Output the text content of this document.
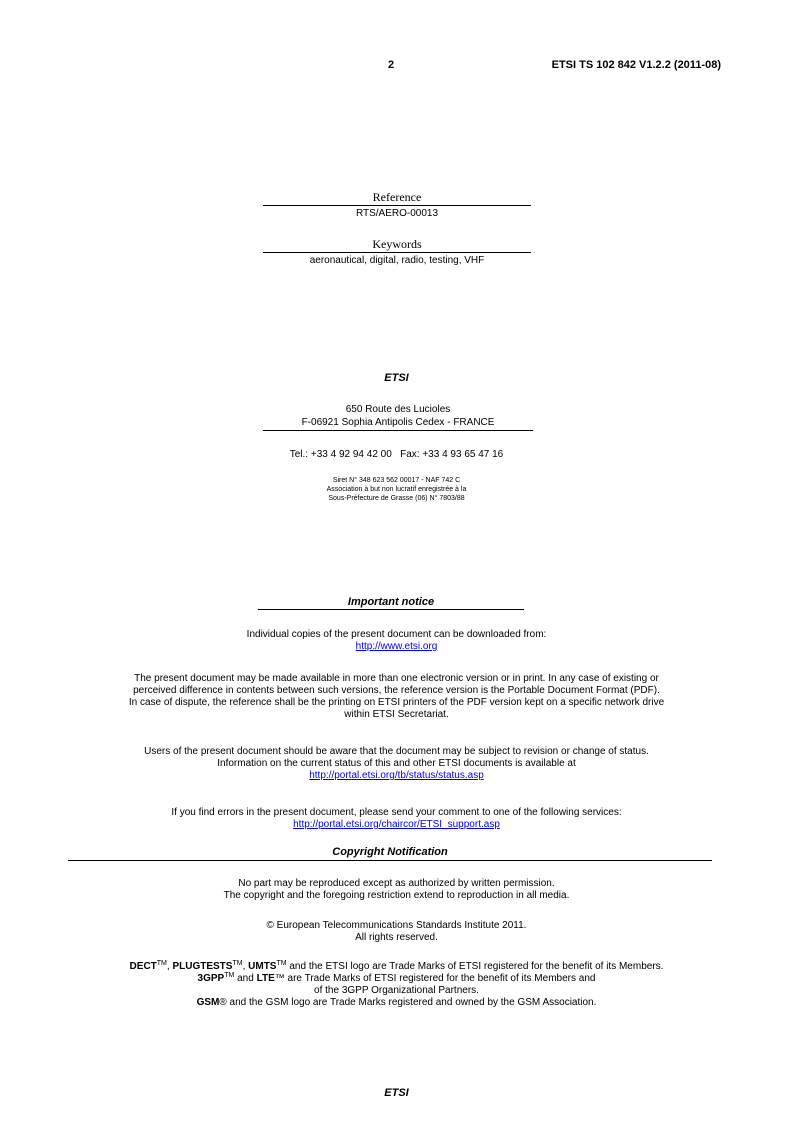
2	ETSI TS 102 842 V1.2.2 (2011-08)
Reference
RTS/AERO-00013
Keywords
aeronautical, digital, radio, testing, VHF
ETSI
650 Route des Lucioles
F-06921 Sophia Antipolis Cedex - FRANCE
Tel.: +33 4 92 94 42 00   Fax: +33 4 93 65 47 16
Siret N° 348 623 562 00017 - NAF 742 C
Association à but non lucratif enregistrée à la
Sous-Préfecture de Grasse (06) N° 7803/88
Important notice
Individual copies of the present document can be downloaded from:
http://www.etsi.org
The present document may be made available in more than one electronic version or in print. In any case of existing or
perceived difference in contents between such versions, the reference version is the Portable Document Format (PDF).
In case of dispute, the reference shall be the printing on ETSI printers of the PDF version kept on a specific network drive
within ETSI Secretariat.
Users of the present document should be aware that the document may be subject to revision or change of status.
Information on the current status of this and other ETSI documents is available at
http://portal.etsi.org/tb/status/status.asp
If you find errors in the present document, please send your comment to one of the following services:
http://portal.etsi.org/chaircor/ETSI_support.asp
Copyright Notification
No part may be reproduced except as authorized by written permission.
The copyright and the foregoing restriction extend to reproduction in all media.
© European Telecommunications Standards Institute 2011.
All rights reserved.
DECT™, PLUGTESTS™, UMTS™ and the ETSI logo are Trade Marks of ETSI registered for the benefit of its Members.
3GPP™ and LTE™ are Trade Marks of ETSI registered for the benefit of its Members and
of the 3GPP Organizational Partners.
GSM® and the GSM logo are Trade Marks registered and owned by the GSM Association.
ETSI
